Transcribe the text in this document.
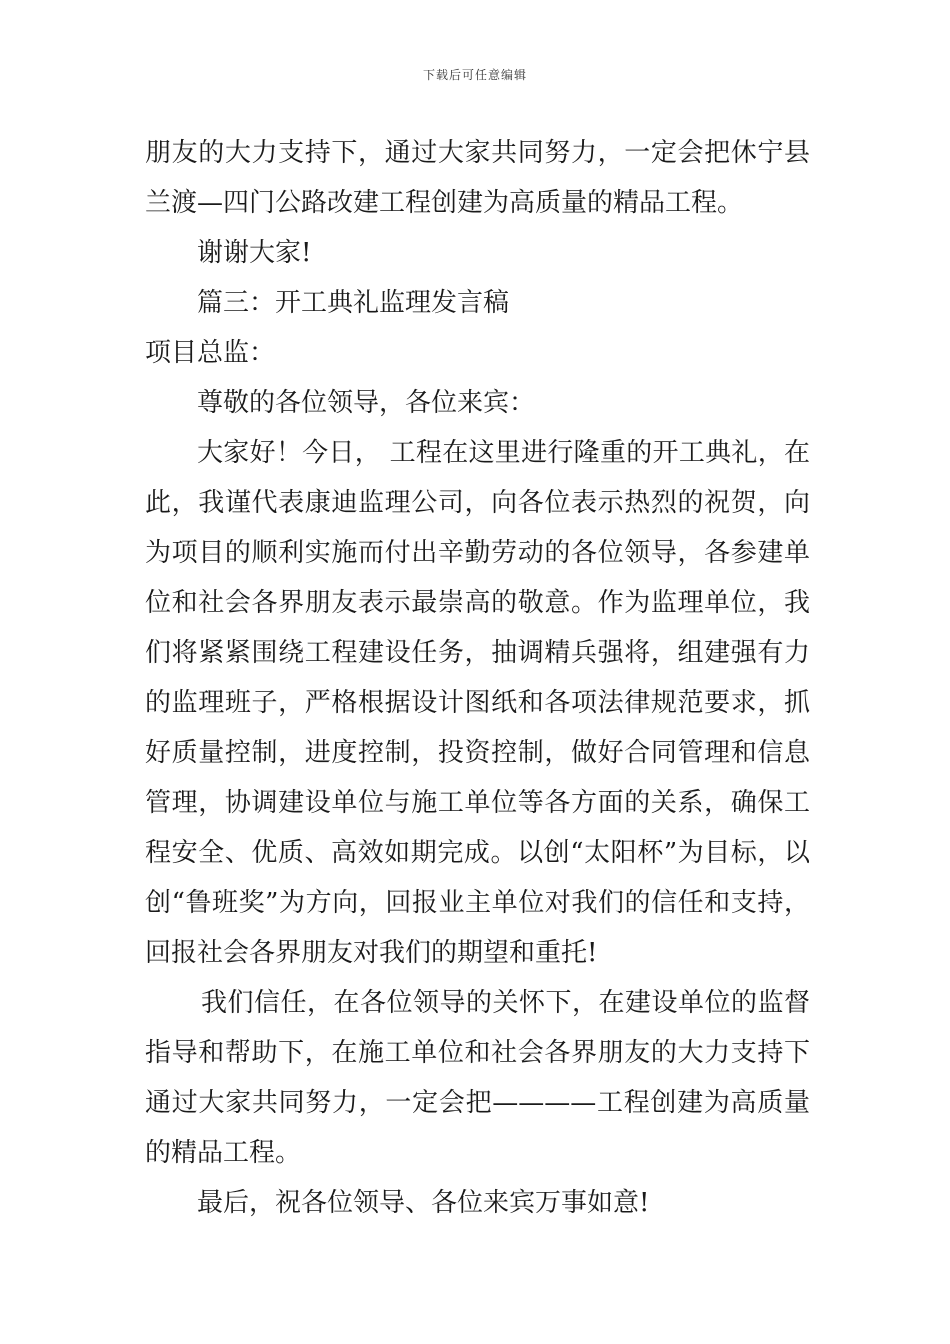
下载后可任意编辑

朋友的大力支持下，通过大家共同努力，一定会把休宁县兰渡—四门公路改建工程创建为高质量的精品工程。

谢谢大家!

篇三：开工典礼监理发言稿

项目总监：

尊敬的各位领导，各位来宾：

大家好！今日， 工程在这里进行隆重的开工典礼，在此，我谨代表康迪监理公司，向各位表示热烈的祝贺，向为项目的顺利实施而付出辛勤劳动的各位领导，各参建单位和社会各界朋友表示最崇高的敬意。作为监理单位，我们将紧紧围绕工程建设任务，抽调精兵强将，组建强有力的监理班子，严格根据设计图纸和各项法律规范要求，抓好质量控制，进度控制，投资控制，做好合同管理和信息管理，协调建设单位与施工单位等各方面的关系，确保工程安全、优质、高效如期完成。以创“太阳杯”为目标，以创“鲁班奖”为方向，回报业主单位对我们的信任和支持，回报社会各界朋友对我们的期望和重托!

我们信任，在各位领导的关怀下，在建设单位的监督指导和帮助下，在施工单位和社会各界朋友的大力支持下通过大家共同努力，一定会把————工程创建为高质量的精品工程。

最后，祝各位领导、各位来宾万事如意!
